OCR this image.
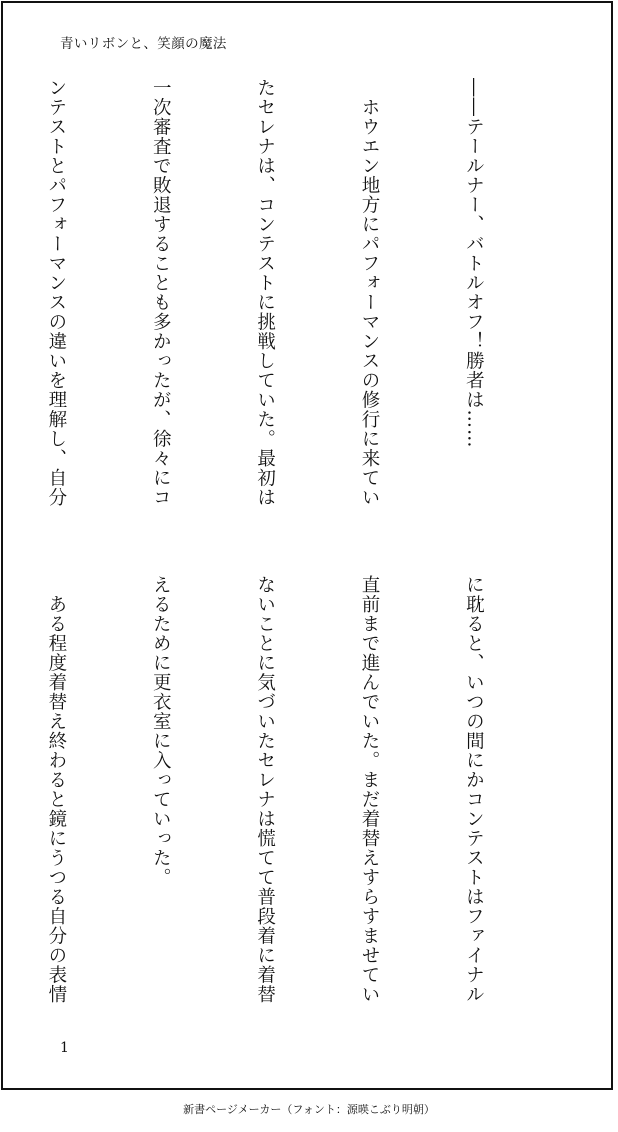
青いリボンと、笑顔の魔法

――テールナー、バトルオフ！勝者は……

　ホウエン地方にパフォーマンスの修行に来てい

たセレナは、コンテストに挑戦していた。最初は

一次審査で敗退することも多かったが、徐々にコ

ンテストとパフォーマンスの違いを理解し、自分

に耽ると、いつの間にかコンテストはファイナル

直前まで進んでいた。まだ着替えすらすませてい

ないことに気づいたセレナは慌てて普段着に着替

えるために更衣室に入っていった。

　ある程度着替え終わると鏡にうつる自分の表情

1
新書ページメーカー（フォント：源暎こぶり明朝）
